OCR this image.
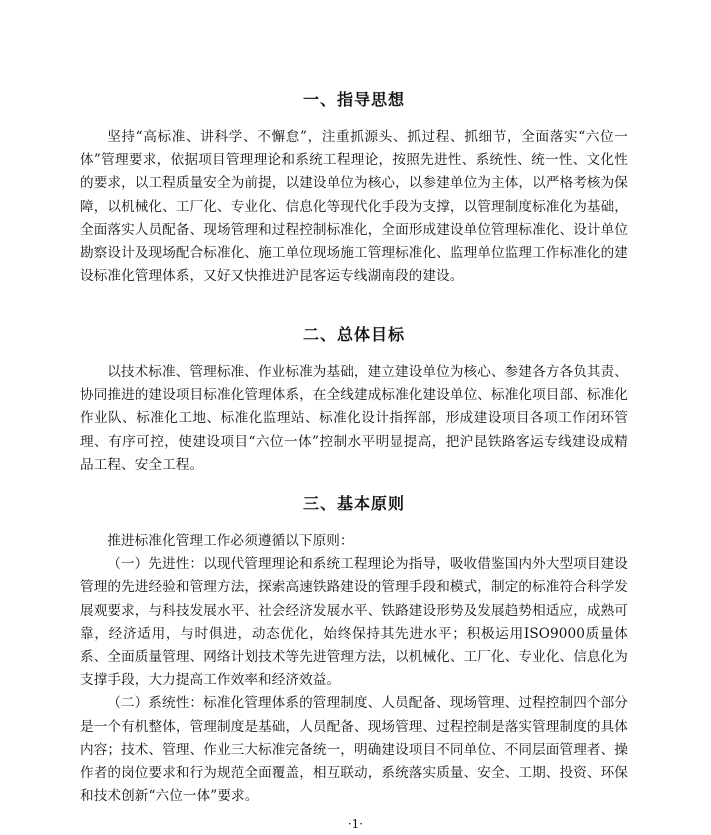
一、指导思想

坚持“高标准、讲科学、不懈怠”，注重抓源头、抓过程、抓细节，全面落实“六位一体”管理要求，依据项目管理理论和系统工程理论，按照先进性、系统性、统一性、文化性的要求，以工程质量安全为前提，以建设单位为核心，以参建单位为主体，以严格考核为保障，以机械化、工厂化、专业化、信息化等现代化手段为支撑，以管理制度标准化为基础，全面落实人员配备、现场管理和过程控制标准化，全面形成建设单位管理标准化、设计单位勘察设计及现场配合标准化、施工单位现场施工管理标准化、监理单位监理工作标准化的建设标准化管理体系，又好又快推进沪昆客运专线湖南段的建设。

二、总体目标

以技术标准、管理标准、作业标准为基础，建立建设单位为核心、参建各方各负其责、协同推进的建设项目标准化管理体系，在全线建成标准化建设单位、标准化项目部、标准化作业队、标准化工地、标准化监理站、标准化设计指挥部，形成建设项目各项工作闭环管理、有序可控，使建设项目“六位一体”控制水平明显提高，把沪昆铁路客运专线建设成精品工程、安全工程。

三、基本原则

推进标准化管理工作必须遵循以下原则：

（一）先进性：以现代管理理论和系统工程理论为指导，吸收借鉴国内外大型项目建设管理的先进经验和管理方法，探索高速铁路建设的管理手段和模式，制定的标准符合科学发展观要求，与科技发展水平、社会经济发展水平、铁路建设形势及发展趋势相适应，成熟可靠，经济适用，与时俱进，动态优化，始终保持其先进水平；积极运用ISO9000质量体系、全面质量管理、网络计划技术等先进管理方法，以机械化、工厂化、专业化、信息化为支撑手段，大力提高工作效率和经济效益。

（二）系统性：标准化管理体系的管理制度、人员配备、现场管理、过程控制四个部分是一个有机整体，管理制度是基础，人员配备、现场管理、过程控制是落实管理制度的具体内容；技术、管理、作业三大标准完备统一，明确建设项目不同单位、不同层面管理者、操作者的岗位要求和行为规范全面覆盖，相互联动，系统落实质量、安全、工期、投资、环保和技术创新“六位一体”要求。

·1·
